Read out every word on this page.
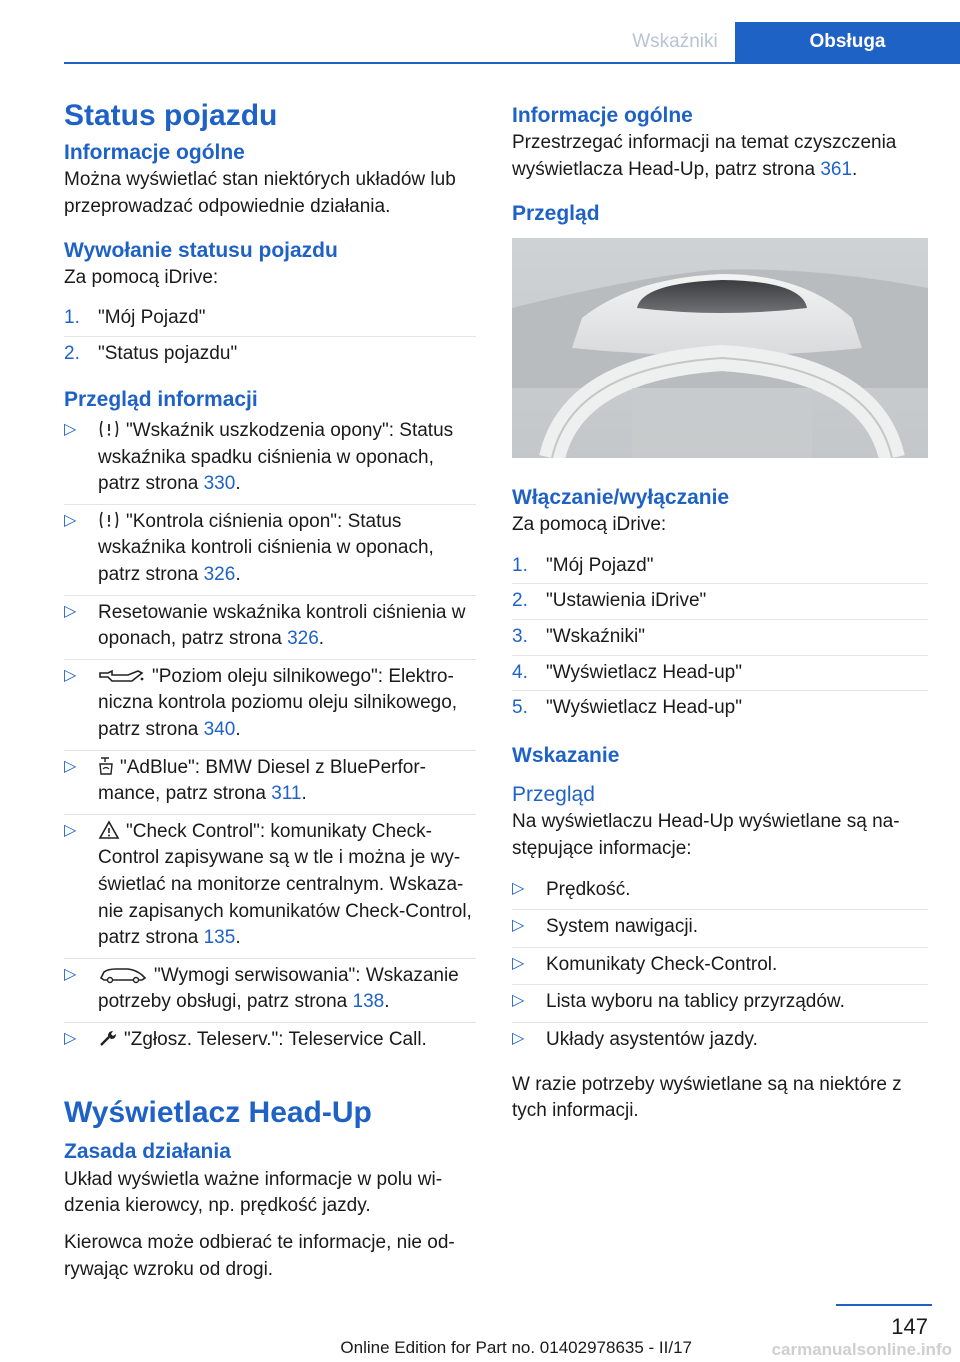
Wskaźniki	Obsługa
Status pojazdu
Informacje ogólne

Można wyświetlać stan niektórych układów lub przeprowadzać odpowiednie działania.

Wywołanie statusu pojazdu

Za pomocą iDrive:

1. "Mój Pojazd"
2. "Status pojazdu"
Przegląd informacji
▷	"Wskaźnik uszkodzenia opony": Status wskaźnika spadku ciśnienia w oponach, patrz strona 330.
▷	"Kontrola ciśnienia opon": Status wskaźnika kontroli ciśnienia w oponach, patrz strona 326.
▷ Resetowanie wskaźnika kontroli ciśnienia w oponach, patrz strona 326.
▷	"Poziom oleju silnikowego": Elektroniczna kontrola poziomu oleju silnikowego, patrz strona 340.
▷ "AdBlue": BMW Diesel z BluePerformance, patrz strona 311.
▷	"Check Control": komunikaty Check-Control zapisywane są w tle i można je wyświetlać na monitorze centralnym. Wskazanie zapisanych komunikatów Check-Control, patrz strona 135.
▷	"Wymogi serwisowania": Wskazanie potrzeby obsługi, patrz strona 138.
▷	"Zgłosz. Teleserv.": Teleservice Call.
Wyświetlacz Head-Up
Zasada działania

Układ wyświetla ważne informacje w polu widzenia kierowcy, np. prędkość jazdy.

Kierowca może odbierać te informacje, nie odrywając wzroku od drogi.

Informacje ogólne

Przestrzegać informacji na temat czyszczenia wyświetlacza Head-Up, patrz strona 361.

Przegląd
Włączanie/wyłączanie

Za pomocą iDrive:

1. "Mój Pojazd"
2. "Ustawienia iDrive"
3. "Wskaźniki"
4. "Wyświetlacz Head-up"
5. "Wyświetlacz Head-up"
Wskazanie
Przegląd

Na wyświetlaczu Head-Up wyświetlane są następujące informacje:

▷ Prędkość.
▷ System nawigacji.
▷ Komunikaty Check-Control.
▷ Lista wyboru na tablicy przyrządów.
▷ Układy asystentów jazdy.

W razie potrzeby wyświetlane są na niektóre z tych informacji.

147
Online Edition for Part no. 01402978635 - II/17	carmanualsonline.info
